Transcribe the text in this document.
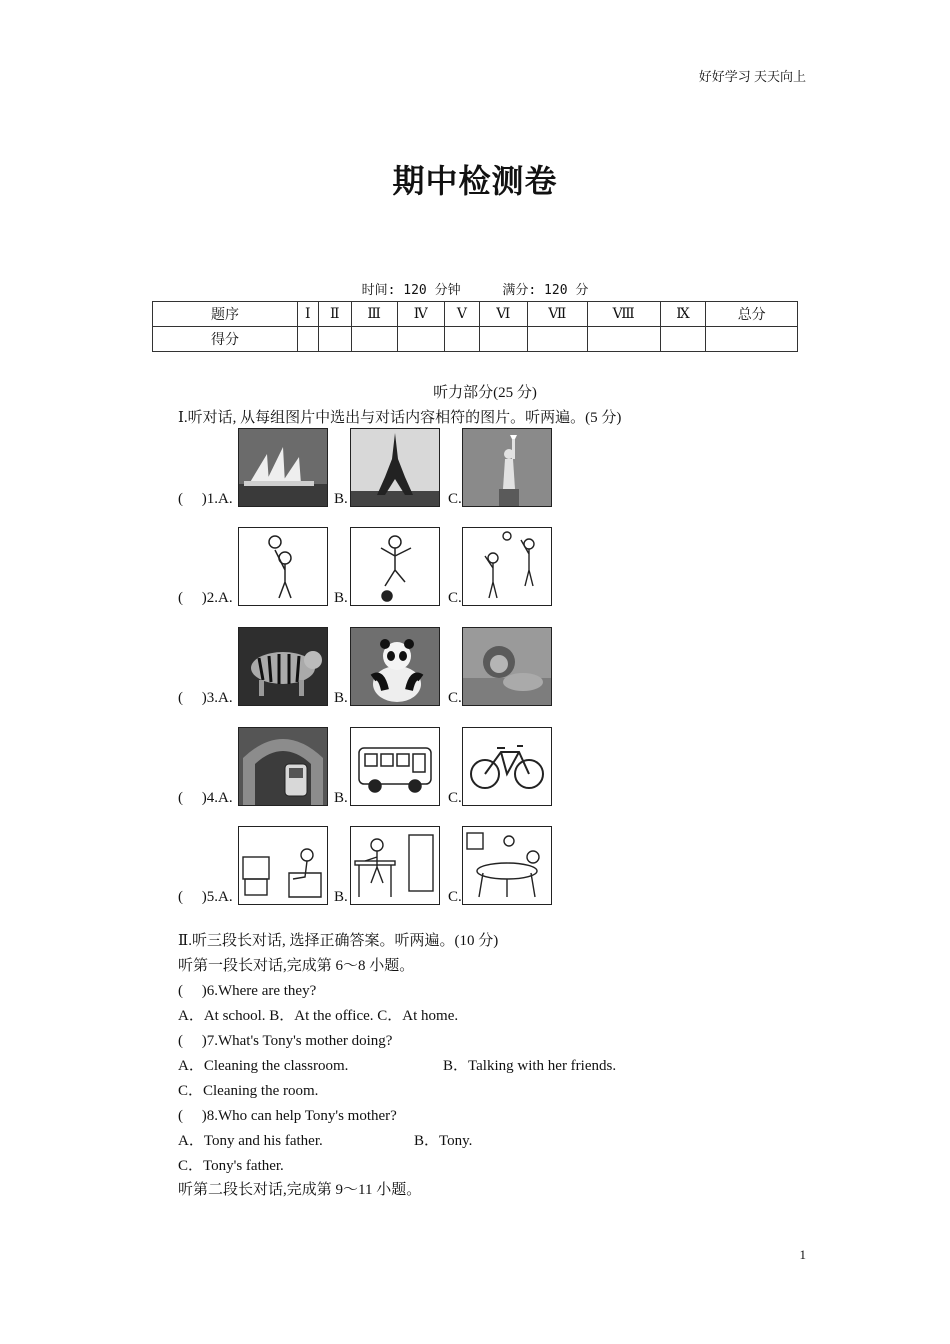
好好学习 天天向上
期中检测卷
时间: 120 分钟	满分: 120 分
题序	Ⅰ	Ⅱ	Ⅲ	Ⅳ	Ⅴ	Ⅵ	Ⅶ	Ⅷ	Ⅸ	总分
得分										
听力部分(25 分)
Ⅰ.听对话, 从每组图片中选出与对话内容相符的图片。听两遍。(5 分)
(　 )1.A.	B.	C.
(　 )2.A.	B.	C.
(　 )3.A.	B.	C.
(　 )4.A.	B.	C.
(　 )5.A.	B.	C.
Ⅱ.听三段长对话, 选择正确答案。听两遍。(10 分)
听第一段长对话,完成第 6～8 小题。
(　 )6.Where are they?
A．At school. B．At the office. C．At home.
(　 )7.What's Tony's mother doing?
A．Cleaning the classroom.	B．Talking with her friends.
C．Cleaning the room.
(　 )8.Who can help Tony's mother?
A．Tony and his father.	B．Tony.
C．Tony's father.
听第二段长对话,完成第 9～11 小题。
1
